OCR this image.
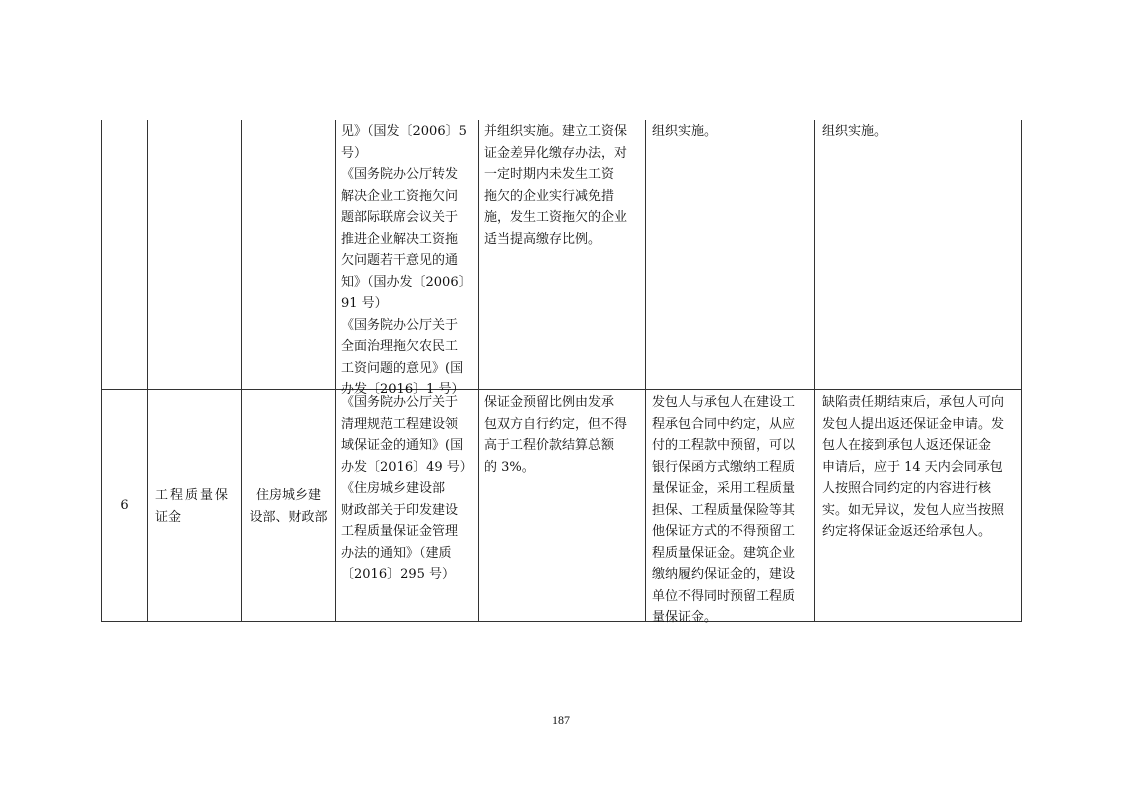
见》（国发〔2006〕5
号）
《国务院办公厅转发
解决企业工资拖欠问
题部际联席会议关于
推进企业解决工资拖
欠问题若干意见的通
知》（国办发〔2006〕
91 号）
《国务院办公厅关于
全面治理拖欠农民工
工资问题的意见》(国
办发〔2016〕1 号）
并组织实施。建立工资保
证金差异化缴存办法，对
一定时期内未发生工资
拖欠的企业实行减免措
施，发生工资拖欠的企业
适当提高缴存比例。
组织实施。	组织实施。
6
工程质量保
证金
住房城乡建
设部、财政部
《国务院办公厅关于
清理规范工程建设领
域保证金的通知》(国
办发〔2016〕49 号）
《住房城乡建设部
财政部关于印发建设
工程质量保证金管理
办法的通知》（建质
〔2016〕295 号）
保证金预留比例由发承
包双方自行约定，但不得
高于工程价款结算总额
的 3%。
发包人与承包人在建设工
程承包合同中约定，从应
付的工程款中预留，可以
银行保函方式缴纳工程质
量保证金，采用工程质量
担保、工程质量保险等其
他保证方式的不得预留工
程质量保证金。建筑企业
缴纳履约保证金的，建设
单位不得同时预留工程质
量保证金。
缺陷责任期结束后，承包人可向
发包人提出返还保证金申请。发
包人在接到承包人返还保证金
申请后，应于 14 天内会同承包
人按照合同约定的内容进行核
实。如无异议，发包人应当按照
约定将保证金返还给承包人。
187
